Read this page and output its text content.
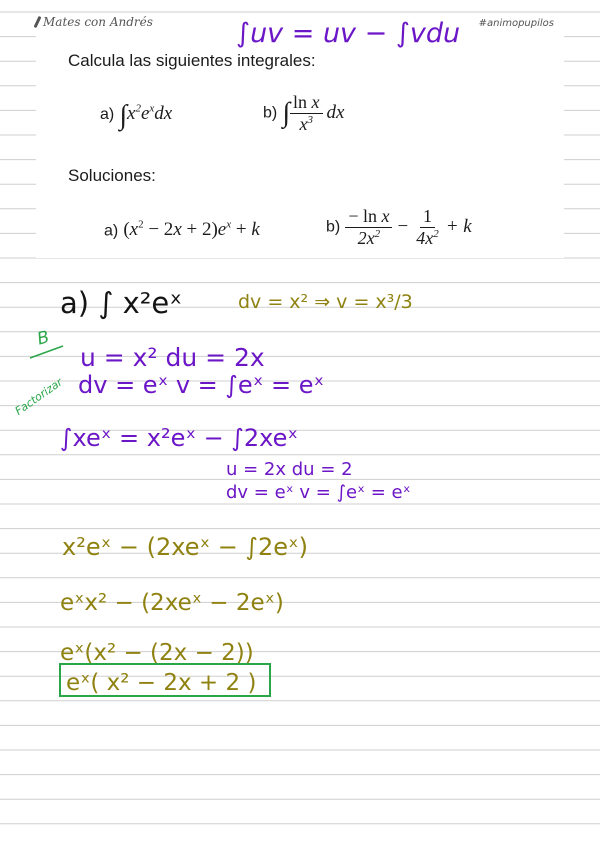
Mates con Andrés	#animopupilos
Calcula las siguientes integrales:
a) $\int x^2e^xdx$	b) ∫ $\frac{\text{ln x}}{x^3}$ dx
Soluciones:
a) $(x^2 - 2x + 2)e^x + k$	$b) \frac{\text{− ln x}}{2x^2} - \frac{1}{4x^2} + k$
∫uv = uv − ∫vdu
a) ∫ x²eˣ	dv = x² ⇒ v = x³/3
B
Factorizar
u = x² du = 2x
dv = eˣ v = ∫eˣ = eˣ
∫xeˣ = x²eˣ − ∫2xeˣ
u = 2x du = 2
dv = eˣ v = ∫eˣ = eˣ
x²eˣ − (2xeˣ − ∫2eˣ)
eˣx² − (2xeˣ − 2eˣ)
eˣ(x² − (2x − 2))
eˣ( x² − 2x + 2 )
